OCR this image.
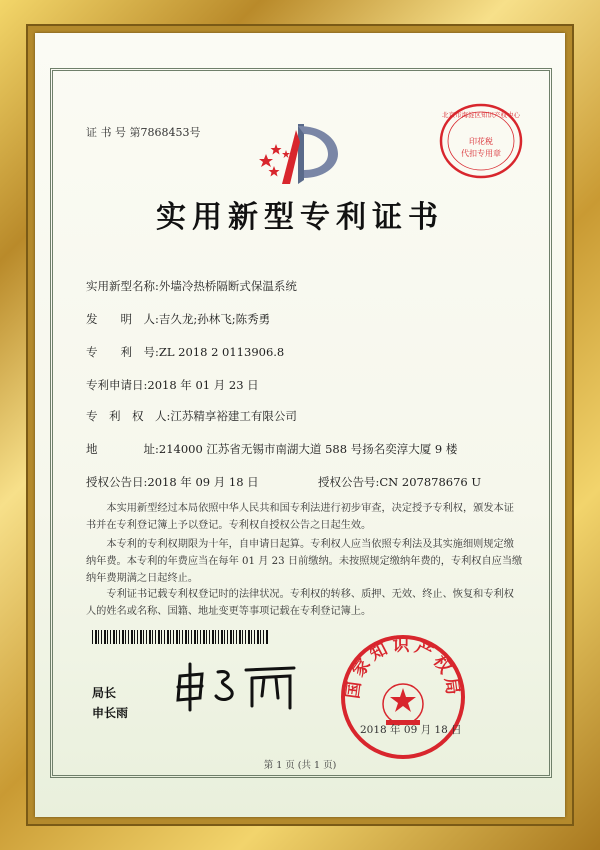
证 书 号 第7868453号
北京市海淀区知识产权中心
印花税
代扣专用章
实用新型专利证书
实用新型名称:外墙冷热桥隔断式保温系统
发　　明　人:吉久龙;孙林飞;陈秀勇
专　　利　号:ZL 2018 2 0113906.8
专利申请日:2018 年 01 月 23 日
专　利　权　人:江苏精享裕建工有限公司
地　　　　址:214000 江苏省无锡市南湖大道 588 号扬名奕淳大厦 9 楼
授权公告日:2018 年 09 月 18 日	授权公告号:CN 207878676 U
本实用新型经过本局依照中华人民共和国专利法进行初步审查，决定授予专利权，颁发本证书并在专利登记簿上予以登记。专利权自授权公告之日起生效。
本专利的专利权期限为十年，自申请日起算。专利权人应当依照专利法及其实施细则规定缴纳年费。本专利的年费应当在每年 01 月 23 日前缴纳。未按照规定缴纳年费的，专利权自应当缴纳年费期满之日起终止。
专利证书记载专利权登记时的法律状况。专利权的转移、质押、无效、终止、恢复和专利权人的姓名或名称、国籍、地址变更等事项记载在专利登记簿上。
局长
申长雨
国家知识产权局
2018 年 09 月 18 日
第 1 页 (共 1 页)
